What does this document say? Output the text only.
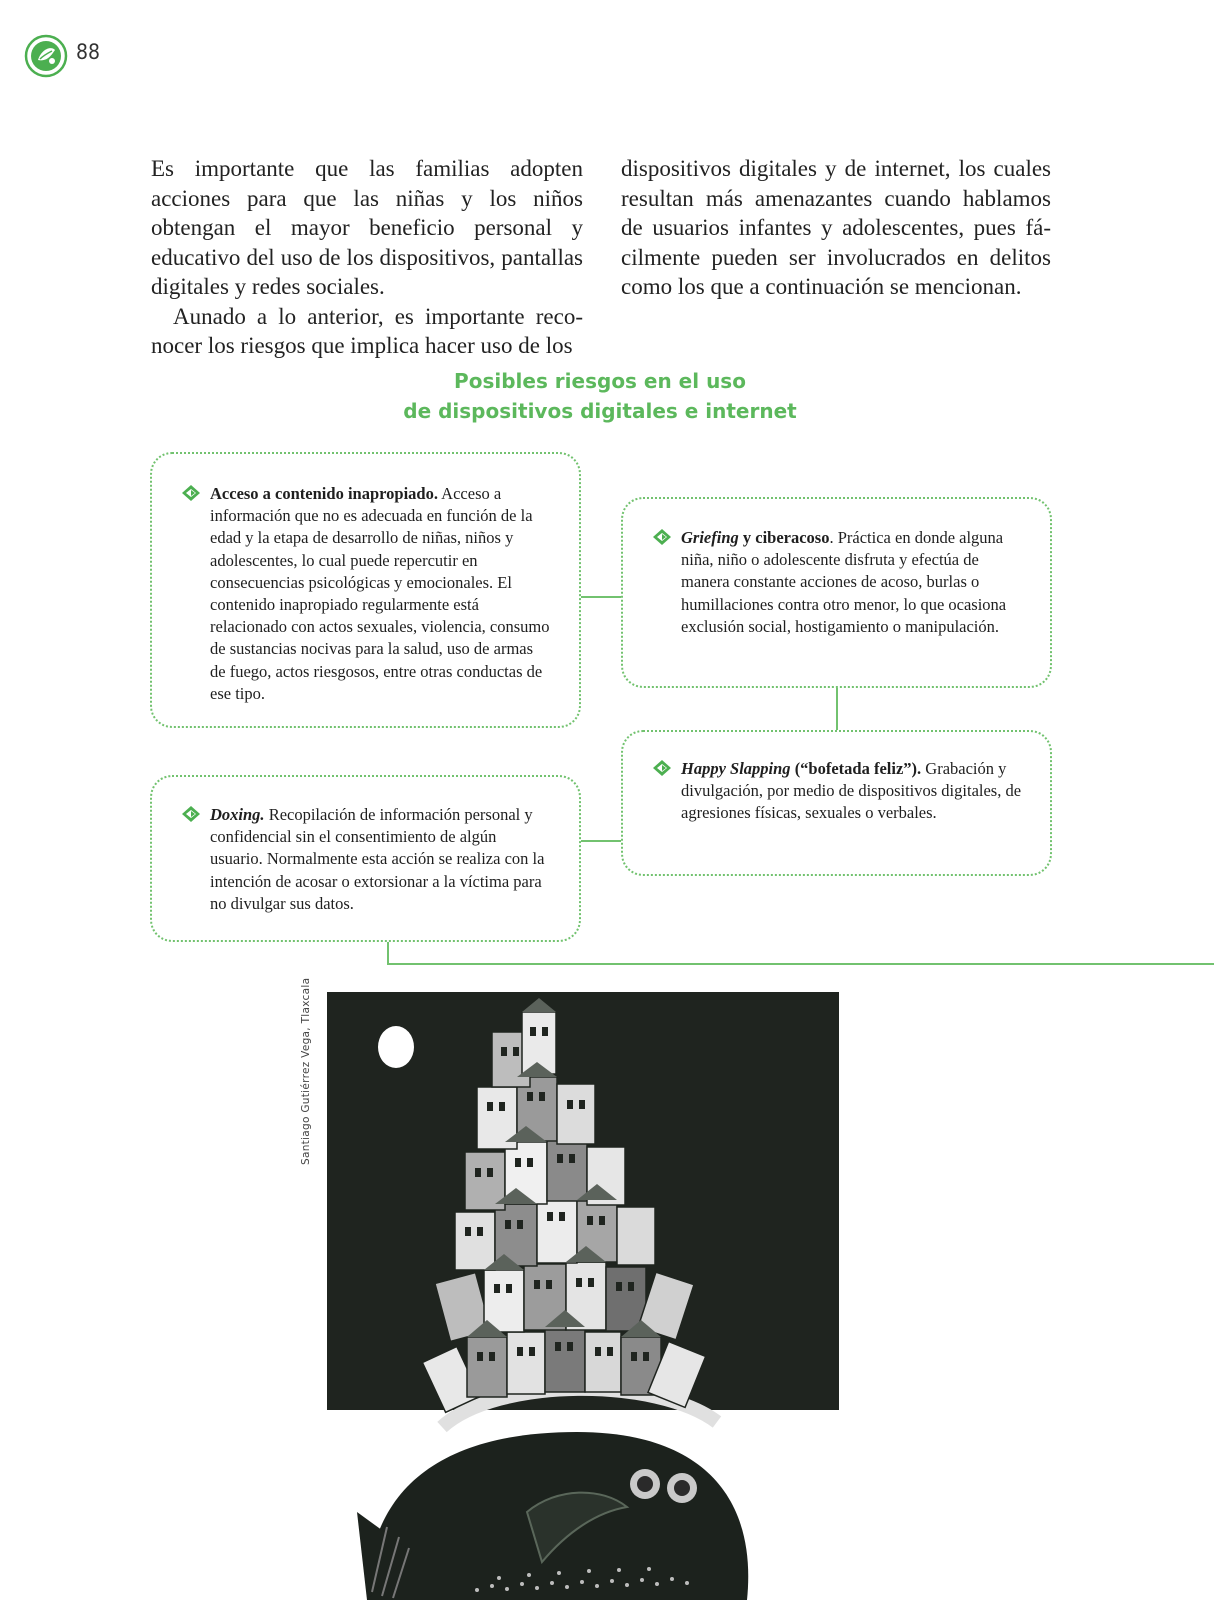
88

Es importante que las familias adopten acciones para que las niñas y los niños obtengan el mayor beneficio personal y educativo del uso de los dispositivos, pantallas digitales y redes sociales.

Aunado a lo anterior, es importante reconocer los riesgos que implica hacer uso de los

dispositivos digitales y de internet, los cuales resultan más amenazantes cuando hablamos de usuarios infantes y adolescentes, pues fácilmente pueden ser involucrados en delitos como los que a continuación se mencionan.

Posibles riesgos en el uso
de dispositivos digitales e internet
Acceso a contenido inapropiado. Acceso a información que no es adecuada en función de la edad y la etapa de desarrollo de niñas, niños y adolescentes, lo cual puede repercutir en consecuencias psicológicas y emocionales. El contenido inapropiado regularmente está relacionado con actos sexuales, violencia, consumo de sustancias nocivas para la salud, uso de armas de fuego, actos riesgosos, entre otras conductas de ese tipo.
Griefing y ciberacoso. Práctica en donde alguna niña, niño o adolescente disfruta y efectúa de manera constante acciones de acoso, burlas o humillaciones contra otro menor, lo que ocasiona exclusión social, hostigamiento o manipulación.
Happy Slapping (“bofetada feliz”). Grabación y divulgación, por medio de dispositivos digitales, de agresiones físicas, sexuales o verbales.
Doxing. Recopilación de información personal y confidencial sin el consentimiento de algún usuario. Normalmente esta acción se realiza con la intención de acosar o extorsionar a la víctima para no divulgar sus datos.
Santiago Gutiérrez Vega, Tlaxcala
